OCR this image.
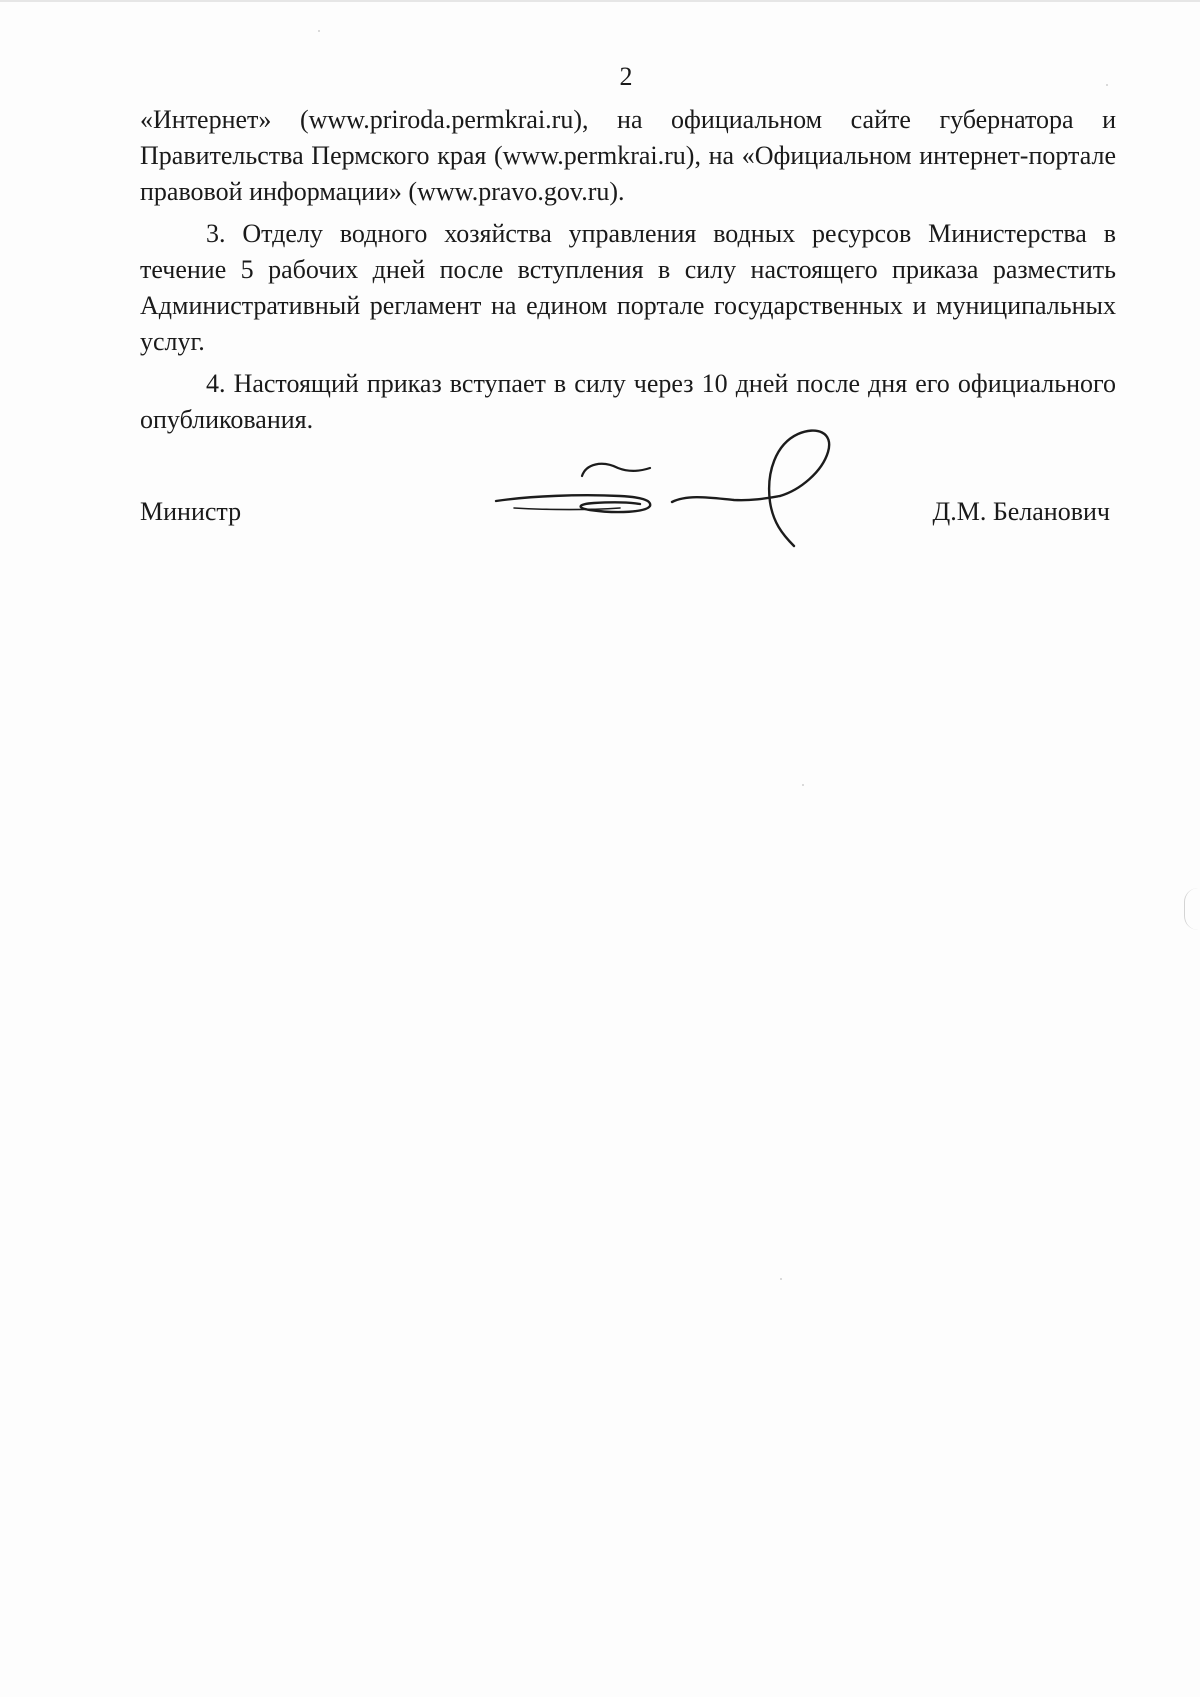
2

«Интернет» (www.priroda.permkrai.ru), на официальном сайте губернатора и Правительства Пермского края (www.permkrai.ru), на «Официальном интернет-портале правовой информации» (www.pravo.gov.ru).

3. Отделу водного хозяйства управления водных ресурсов Министерства в течение 5 рабочих дней после вступления в силу настоящего приказа разместить Административный регламент на едином портале государственных и муниципальных услуг.

4. Настоящий приказ вступает в силу через 10 дней после дня его официального опубликования.

Министр	Д.М. Беланович
